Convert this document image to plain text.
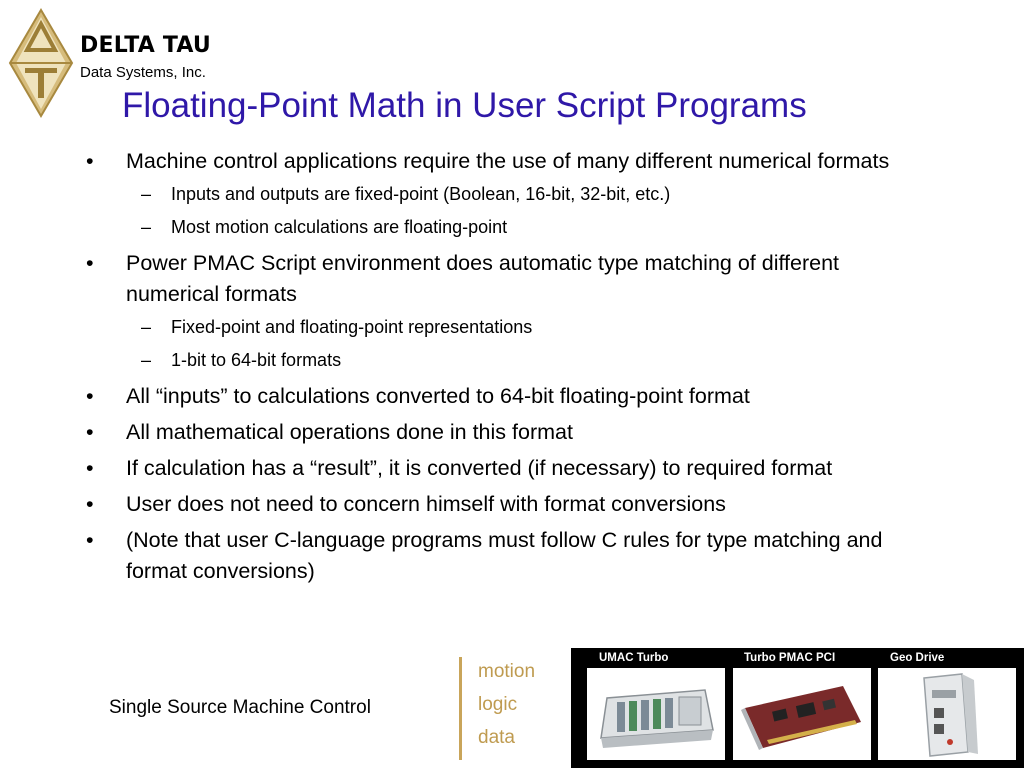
DELTA TAU
Data Systems, Inc.
Floating-Point Math in User Script Programs
• Machine control applications require the use of many different numerical formats
– Inputs and outputs are fixed-point (Boolean, 16-bit, 32-bit, etc.)
– Most motion calculations are floating-point
• Power PMAC Script environment does automatic type matching of different numerical formats
– Fixed-point and floating-point representations
– 1-bit to 64-bit formats
• All “inputs” to calculations converted to 64-bit floating-point format
• All mathematical operations done in this format
• If calculation has a “result”, it is converted (if necessary) to required format
• User does not need to concern himself with format conversions
• (Note that user C-language programs must follow C rules for type matching and format conversions)
Single Source Machine Control
motion
logic
data
UMAC Turbo	Turbo PMAC PCI	Geo Drive
